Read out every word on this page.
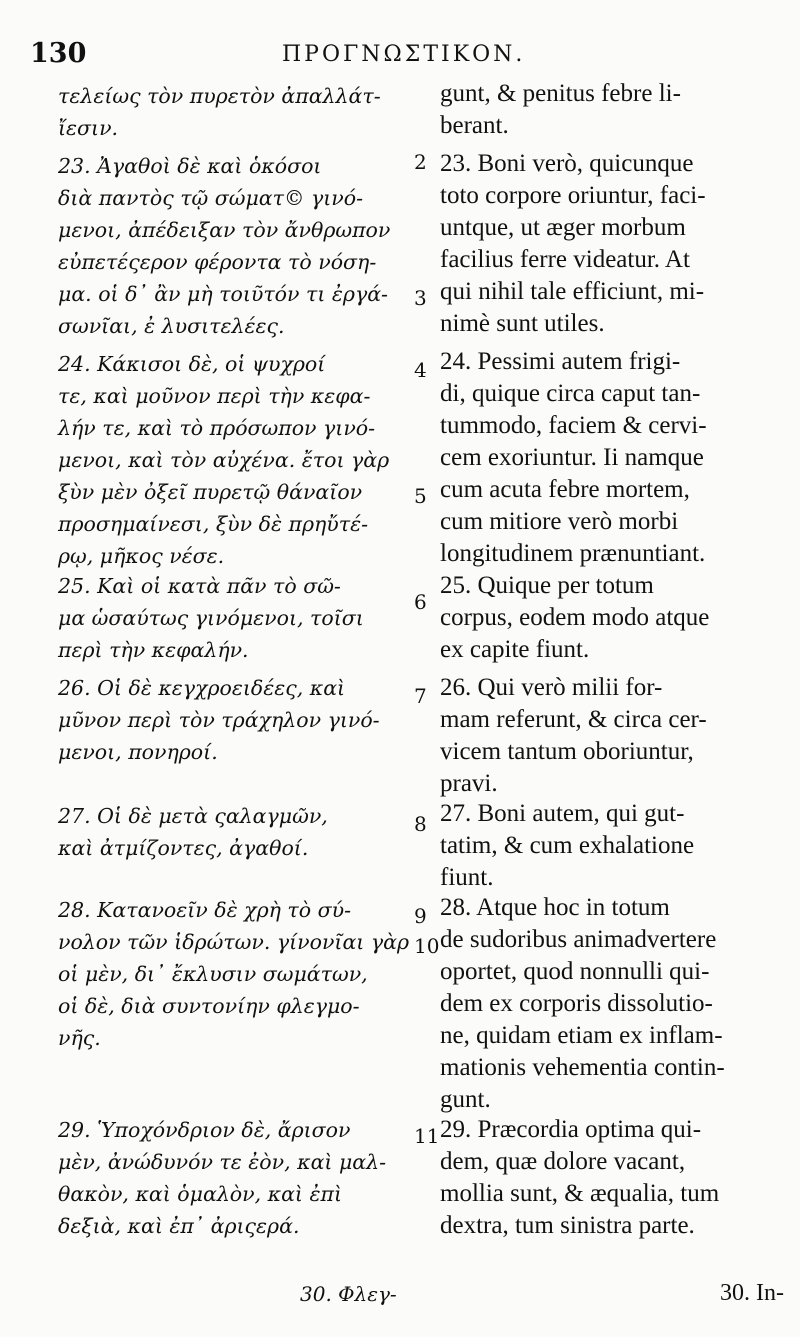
130	ΠΡΟΓΝΩΣΤΙΚΟΝ.
τελείως τὸν πυρετὸν ἀπαλλάτ-
ἴεσιν.
23. Ἀγαθοὶ δὲ καὶ ὁκόσοι
διὰ παντὸς τῷ σώματ© γινό-
μενοι, ἀπέδειξαν τὸν ἄνθρωπον
εὐπετέςερον φέροντα τὸ νόση-
μα. οἱ δ᾽ ἂν μὴ τοιῦτόν τι ἐργά-
σωνῖαι, ἐ λυσιτελέες.
24. Κάκισοι δὲ, οἱ ψυχροί
τε, καὶ μοῦνον περὶ τὴν κεφα-
λήν τε, καὶ τὸ πρόσωπον γινό-
μενοι, καὶ τὸν αὐχένα. ἔτοι γὰρ
ξὺν μὲν ὀξεῖ πυρετῷ θάναῖον
προσημαίνεσι, ξὺν δὲ πρηὔτέ-
ρῳ, μῆκος νέσε.
25. Καὶ οἱ κατὰ πᾶν τὸ σῶ-
μα ὡσαύτως γινόμενοι, τοῖσι
περὶ τὴν κεφαλήν.
26. Οἱ δὲ κεγχροειδέες, καὶ
μῦνον περὶ τὸν τράχηλον γινό-
μενοι, πονηροί.
27. Οἱ δὲ μετὰ ςαλαγμῶν,
καὶ ἀτμίζοντες, ἀγαθοί.
28. Κατανοεῖν δὲ χρὴ τὸ σύ-
νολον τῶν ἱδρώτων. γίνονῖαι γὰρ
οἱ μὲν, δι᾽ ἔκλυσιν σωμάτων,
οἱ δὲ, διὰ συντονίην φλεγμο-
νῆς.
29. Ὑποχόνδριον δὲ, ἄρισον
μὲν, ἀνώδυνόν τε ἐὸν, καὶ μαλ-
θακὸν, καὶ ὁμαλὸν, καὶ ἐπὶ
δεξιὰ, καὶ ἐπ᾽ ἀριςερά.
2
3
4
5
6
7
8
9
10
11
gunt, & penitus febre li-
berant.
23. Boni verò, quicunque
toto corpore oriuntur, faci-
untque, ut æger morbum
facilius ferre videatur. At
qui nihil tale efficiunt, mi-
nimè sunt utiles.
24. Pessimi autem frigi-
di, quique circa caput tan-
tummodo, faciem & cervi-
cem exoriuntur. Ii namque
cum acuta febre mortem,
cum mitiore verò morbi
longitudinem prænuntiant.
25. Quique per totum
corpus, eodem modo atque
ex capite fiunt.
26. Qui verò milii for-
mam referunt, & circa cer-
vicem tantum oboriuntur,
pravi.
27. Boni autem, qui gut-
tatim, & cum exhalatione
fiunt.
28. Atque hoc in totum
de sudoribus animadvertere
oportet, quod nonnulli qui-
dem ex corporis dissolutio-
ne, quidam etiam ex inflam-
mationis vehementia contin-
gunt.
29. Præcordia optima qui-
dem, quæ dolore vacant,
mollia sunt, & æqualia, tum
dextra, tum sinistra parte.
30. Φλεγ-	30. In-
